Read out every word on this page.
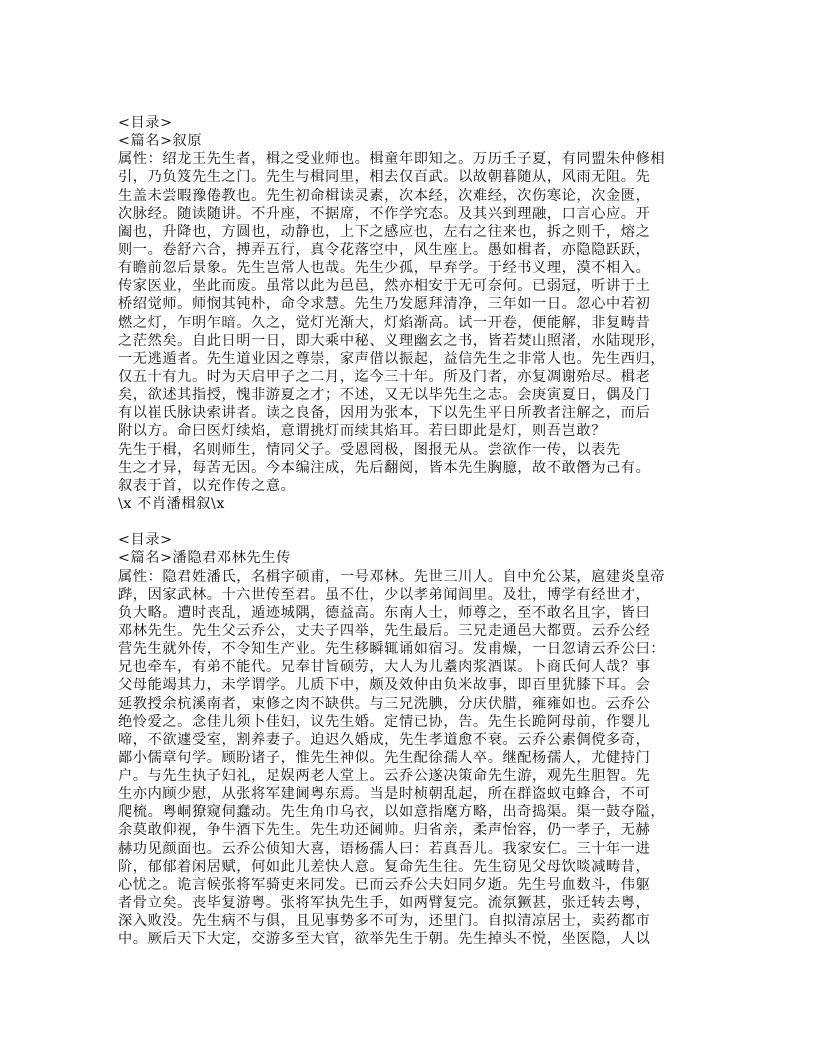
<目录>
<篇名>叙原
属性：绍龙王先生者，楫之受业师也。楫童年即知之。万历壬子夏，有同盟朱仲修相
引，乃负笈先生之门。先生与楫同里，相去仅百武。以故朝暮随从，风雨无阻。先
生盖未尝暇豫倦教也。先生初命楫读灵素，次本经，次难经，次伤寒论，次金匮，
次脉经。随读随讲。不升座，不据席，不作学究态。及其兴到理融，口言心应。开
阖也，升降也，方圆也，动静也，上下之感应也，左右之往来也，拆之则千，熔之
则一。卷舒六合，搏弄五行，真令花落空中，风生座上。愚如楫者，亦隐隐跃跃，
有瞻前忽后景象。先生岂常人也哉。先生少孤，早弃学。于经书义理，漠不相入。
传家医业，坐此而废。虽常以此为邑邑，然亦相安于无可奈何。已弱冠，听讲于土
桥绍觉师。师悯其钝朴，命令求慧。先生乃发愿拜清净，三年如一日。忽心中若初
燃之灯，乍明乍暗。久之，觉灯光渐大，灯焰渐高。试一开卷，便能解，非复畴昔
之茫然矣。自此日明一日，即大乘中秘、义理幽玄之书，皆若焚山照渚，水陆现形，
一无逃遁者。先生道业因之尊崇，家声借以振起，益信先生之非常人也。先生西归，
仅五十有九。时为天启甲子之二月，迄今三十年。所及门者，亦复凋谢殆尽。楫老
矣，欲述其指授，愧非游夏之才；不述，又无以毕先生之志。会庚寅夏日，偶及门
有以崔氏脉诀索讲者。读之良备，因用为张本，下以先生平日所教者注解之，而后
附以方。命曰医灯续焰，意谓挑灯而续其焰耳。若曰即此是灯，则吾岂敢？
先生于楫，名则师生，情同父子。受恩罔极，图报无从。尝欲作一传，以表先
生之才异，每苦无因。今本编注成，先后翻阅，皆本先生胸臆，故不敢僭为己有。
叙表于首，以充作传之意。
\x 不肖潘楫叙\x
<目录>
<篇名>潘隐君邓林先生传
属性：隐君姓潘氏，名楫字硕甫，一号邓林。先世三川人。自中允公某，扈建炎皇帝
跸，因家武林。十六世传至君。虽不仕，少以孝弟闻闾里。及壮，博学有经世才，
负大略。遭时丧乱，遁迹城隅，德益高。东南人士，师尊之，至不敢名且字，皆曰
邓林先生。先生父云乔公，丈夫子四举，先生最后。三兄走通邑大都贾。云乔公经
营先生就外传，不令知生产业。先生移瞬辄诵如宿习。发甫燥，一日忽请云乔公曰：
兄也牵车，有弟不能代。兄奉甘旨硕劳，大人为儿耋肉浆酒谋。卜商氏何人哉？事
父母能竭其力，未学谓学。儿质下中，颇及效仲由负米故事，即百里犹膝下耳。会
延教授余杭溪南者，束修之肉不缺供。与三兄洗腆，分庆伏腊，雍雍如也。云乔公
绝怜爱之。念佳儿须卜佳妇，议先生婚。定情已协，告。先生长跪阿母前，作婴儿
啼，不欲遽受室，割养妻子。迫迟久婚成，先生孝道愈不衰。云乔公素倜傥多奇，
鄙小儒章句学。顾盼诸子，惟先生神似。先生配徐孺人卒。继配杨孺人，尤健持门
户。与先生执子妇礼，足娱两老人堂上。云乔公遂决策命先生游，观先生胆智。先
生亦内顾少慰，从张将军建阃粤东焉。当是时桢朝乱起，所在群盗蚁屯蜂合，不可
爬梳。粤峒獠窥伺蠢动。先生角巾乌衣，以如意指麾方略，出奇捣渠。渠一鼓夺隘，
余莫敢仰视，争牛酒下先生。先生功还阃帅。归省亲，柔声怡容，仍一孝子，无赫
赫功见颜面也。云乔公侦知大喜，语杨孺人曰：若真吾儿。我家安仁。三十年一进
阶，郁郁着闲居赋，何如此儿差快人意。复命先生往。先生窃见父母饮啖减畴昔，
心忧之。诡言候张将军骑吏来同发。已而云乔公夫妇同夕逝。先生号血数斗，伟躯
者骨立矣。丧毕复游粤。张将军执先生手，如两臂复完。流氛獗甚，张迁转去粤，
深入败没。先生病不与俱，且见事势多不可为，还里门。自拟清凉居士，卖药都市
中。厥后天下大定，交游多至大官，欲举先生于朝。先生掉头不悦，坐医隐，人以
